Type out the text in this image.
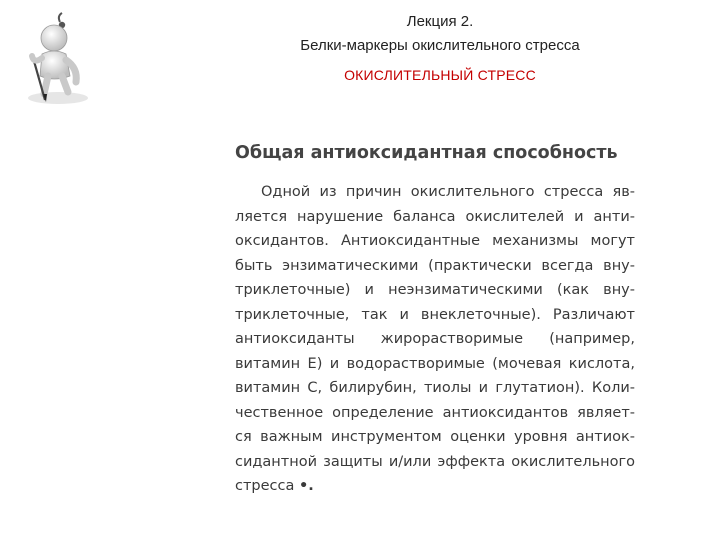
Лекция 2.
Белки-маркеры окислительного стресса
ОКИСЛИТЕЛЬНЫЙ СТРЕСС
Общая антиоксидантная способность
Одной из причин окислительного стресса яв-
ляется нарушение баланса окислителей и анти-
оксидантов. Антиоксидантные механизмы могут
быть энзиматическими (практически всегда вну-
триклеточные) и неэнзиматическими (как вну-
триклеточные, так и внеклеточные). Различают
антиоксиданты жирорастворимые (например,
витамин Е) и водорастворимые (мочевая кислота,
витамин С, билирубин, тиолы и глутатион). Коли-
чественное определение антиоксидантов являет-
ся важным инструментом оценки уровня антиок-
сидантной защиты и/или эффекта окислительного
стресса •.
